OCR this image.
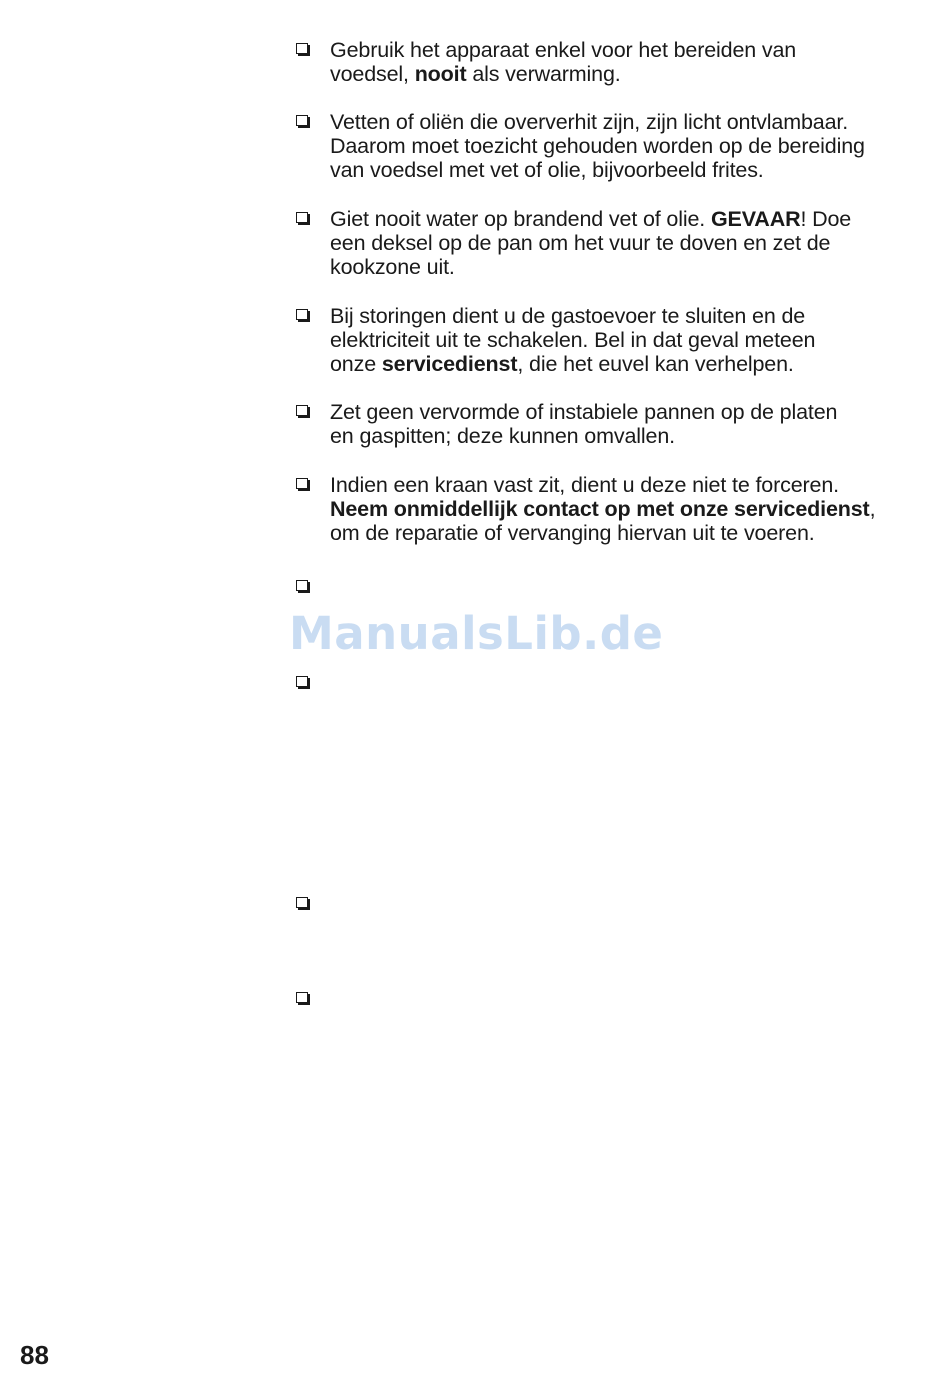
Gebruik het apparaat enkel voor het bereiden van
voedsel, nooit als verwarming.

Vetten of oliën die oververhit zijn, zijn licht ontvlambaar.
Daarom moet toezicht gehouden worden op de bereiding
van voedsel met vet of olie, bijvoorbeeld frites.

Giet nooit water op brandend vet of olie. GEVAAR! Doe
een deksel op de pan om het vuur te doven en zet de
kookzone uit.

Bij storingen dient u de gastoevoer te sluiten en de
elektriciteit uit te schakelen. Bel in dat geval meteen
onze servicedienst, die het euvel kan verhelpen.

Zet geen vervormde of instabiele pannen op de platen
en gaspitten; deze kunnen omvallen.

Indien een kraan vast zit, dient u deze niet te forceren.
Neem onmiddellijk contact op met onze servicedienst,
om de reparatie of vervanging hiervan uit te voeren.

ManualsLib.de
88
